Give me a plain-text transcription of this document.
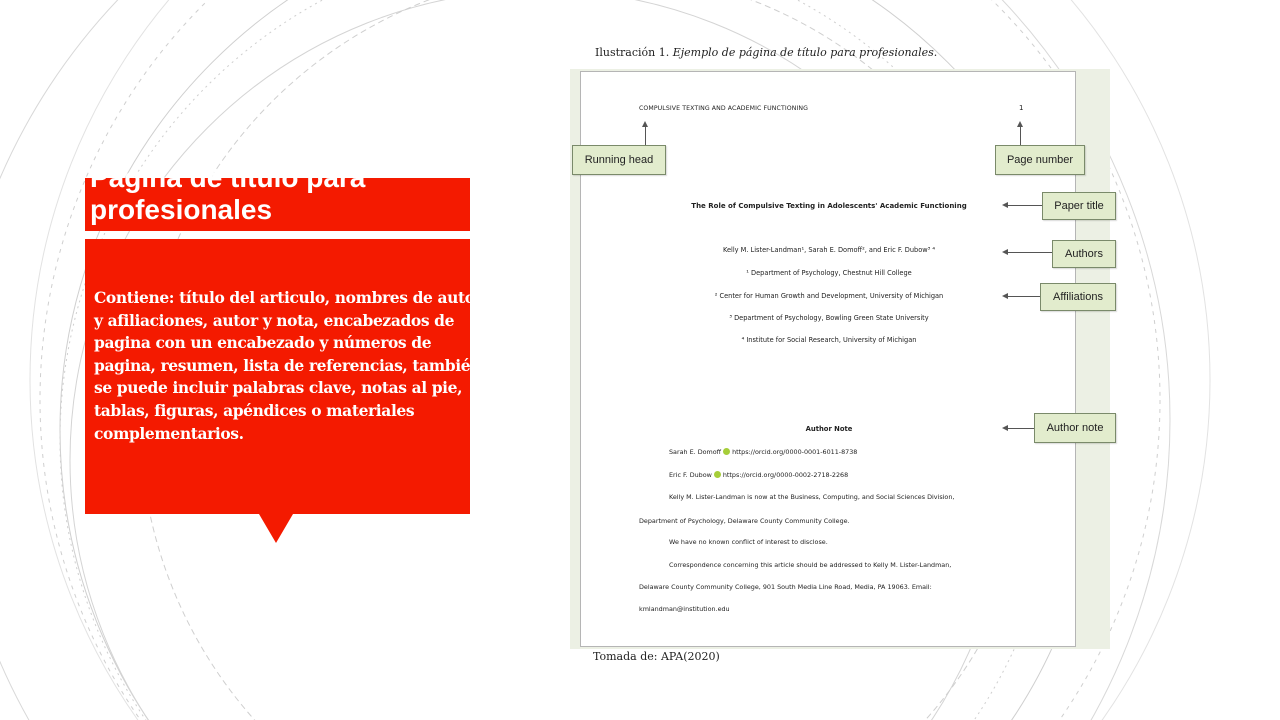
Pagina de titulo para profesionales

Contiene: título del articulo, nombres de autor y afiliaciones, autor y nota, encabezados de pagina con un encabezado y números de pagina, resumen, lista de referencias, también se puede incluir palabras clave, notas al pie, tablas, figuras, apéndices o materiales complementarios.

Ilustración 1. Ejemplo de página de título para profesionales.
COMPULSIVE TEXTING AND ACADEMIC FUNCTIONING	1
The Role of Compulsive Texting in Adolescents' Academic Functioning
Kelly M. Lister-Landman¹, Sarah E. Domoff², and Eric F. Dubow³ ⁴
¹ Department of Psychology, Chestnut Hill College
² Center for Human Growth and Development, University of Michigan
³ Department of Psychology, Bowling Green State University
⁴ Institute for Social Research, University of Michigan
Author Note
Sarah E. Domoff https://orcid.org/0000-0001-6011-8738
Eric F. Dubow https://orcid.org/0000-0002-2718-2268
Kelly M. Lister-Landman is now at the Business, Computing, and Social Sciences Division,
Department of Psychology, Delaware County Community College.
We have no known conflict of interest to disclose.
Correspondence concerning this article should be addressed to Kelly M. Lister-Landman,
Delaware County Community College, 901 South Media Line Road, Media, PA 19063. Email:
kmlandman@institution.edu
Running head	Page number
Paper title
Authors
Affiliations
Author note
Tomada de: APA(2020)
